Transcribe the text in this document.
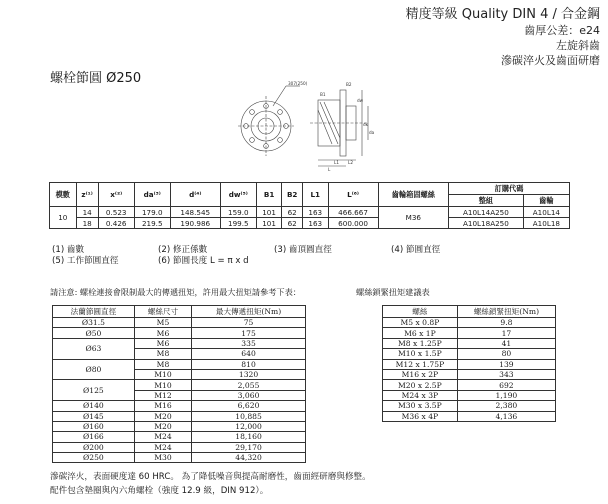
精度等級 Quality DIN 4 / 合金鋼
齒厚公差：e24
左旋斜齒
滲碳淬火及齒面研磨
螺栓節圓 Ø250	307(250)
L1
L
B1
L2
B2
dw
dk
da
模數	z⁽¹⁾	x⁽²⁾	da⁽³⁾	d⁽⁴⁾	dw⁽⁵⁾	B1	B2	L1	L⁽⁶⁾	齒輪箱固螺絲	訂購代碼	
											整組	齒輪
10	14	0.523	179.0	148.545	159.0	101	62	163	466.667	M36	A10L14A250	A10L14
	18	0.426	219.5	190.986	199.5	101	62	163	600.000		A10L18A250	A10L18
(1) 齒數	(2) 修正係數	(3) 齒頂圓直徑	(4) 節圓直徑
(5) 工作節圓直徑	(6) 節圓長度 L = π x d
請注意: 螺栓連接會限制最大的傳遞扭矩，許用最大扭矩請參考下表：	螺絲鎖緊扭矩建議表
法蘭節圓直徑	螺絲尺寸	最大傳遞扭矩(Nm)
Ø31.5	M5	75
Ø50	M6	175
Ø63	M6	335
	M8	640
Ø80	M8	810
	M10	1320
Ø125	M10	2,055
	M12	3,060
Ø140	M16	6,620
Ø145	M20	10,885
Ø160	M20	12,000
Ø166	M24	18,160
Ø200	M24	29,170
Ø250	M30	44,320
螺絲	螺絲鎖緊扭矩(Nm)
M5 x 0.8P	9.8
M6 x 1P	17
M8 x 1.25P	41
M10 x 1.5P	80
M12 x 1.75P	139
M16 x 2P	343
M20 x 2.5P	692
M24 x 3P	1,190
M30 x 3.5P	2,380
M36 x 4P	4,136
滲碳淬火，表面硬度達 60 HRC。 為了降低噪音與提高耐磨性，齒面經研磨與修整。
配件包含墊圈與內六角螺栓（強度 12.9 級，DIN 912）。
